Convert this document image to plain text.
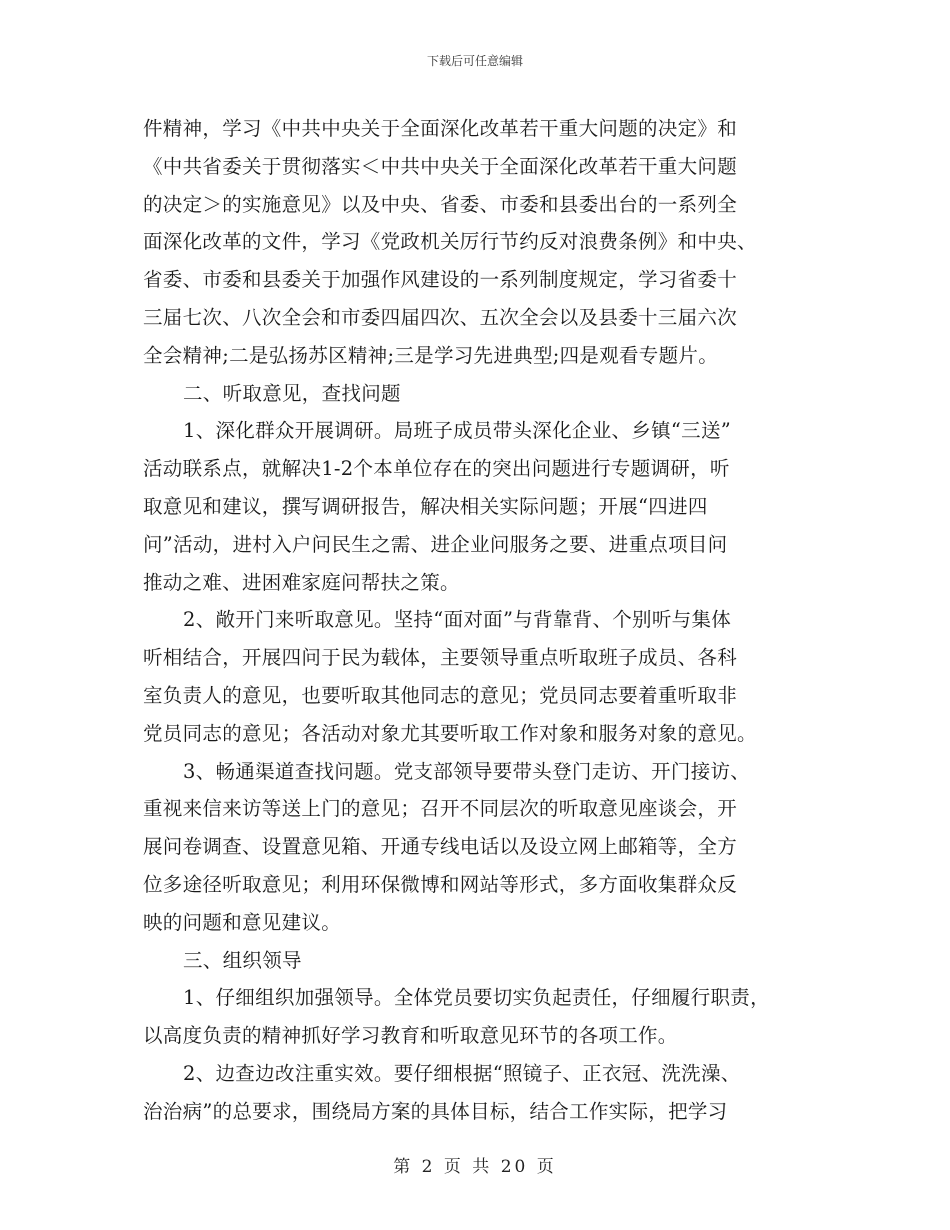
下载后可任意编辑
件精神，学习《中共中央关于全面深化改革若干重大问题的决定》和
《中共省委关于贯彻落实＜中共中央关于全面深化改革若干重大问题
的决定＞的实施意见》以及中央、省委、市委和县委出台的一系列全
面深化改革的文件，学习《党政机关厉行节约反对浪费条例》和中央、
省委、市委和县委关于加强作风建设的一系列制度规定，学习省委十
三届七次、八次全会和市委四届四次、五次全会以及县委十三届六次
全会精神;二是弘扬苏区精神;三是学习先进典型;四是观看专题片。
二、听取意见，查找问题
1、深化群众开展调研。局班子成员带头深化企业、乡镇“三送”
活动联系点，就解决1-2个本单位存在的突出问题进行专题调研，听
取意见和建议，撰写调研报告，解决相关实际问题；开展“四进四
问”活动，进村入户问民生之需、进企业问服务之要、进重点项目问
推动之难、进困难家庭问帮扶之策。
2、敞开门来听取意见。坚持“面对面”与背靠背、个别听与集体
听相结合，开展四问于民为载体，主要领导重点听取班子成员、各科
室负责人的意见，也要听取其他同志的意见；党员同志要着重听取非
党员同志的意见；各活动对象尤其要听取工作对象和服务对象的意见。
3、畅通渠道查找问题。党支部领导要带头登门走访、开门接访、
重视来信来访等送上门的意见；召开不同层次的听取意见座谈会，开
展问卷调查、设置意见箱、开通专线电话以及设立网上邮箱等，全方
位多途径听取意见；利用环保微博和网站等形式，多方面收集群众反
映的问题和意见建议。
三、组织领导
1、仔细组织加强领导。全体党员要切实负起责任，仔细履行职责，
以高度负责的精神抓好学习教育和听取意见环节的各项工作。
2、边查边改注重实效。要仔细根据“照镜子、正衣冠、洗洗澡、
治治病”的总要求，围绕局方案的具体目标，结合工作实际，把学习
第 2 页 共 20 页
